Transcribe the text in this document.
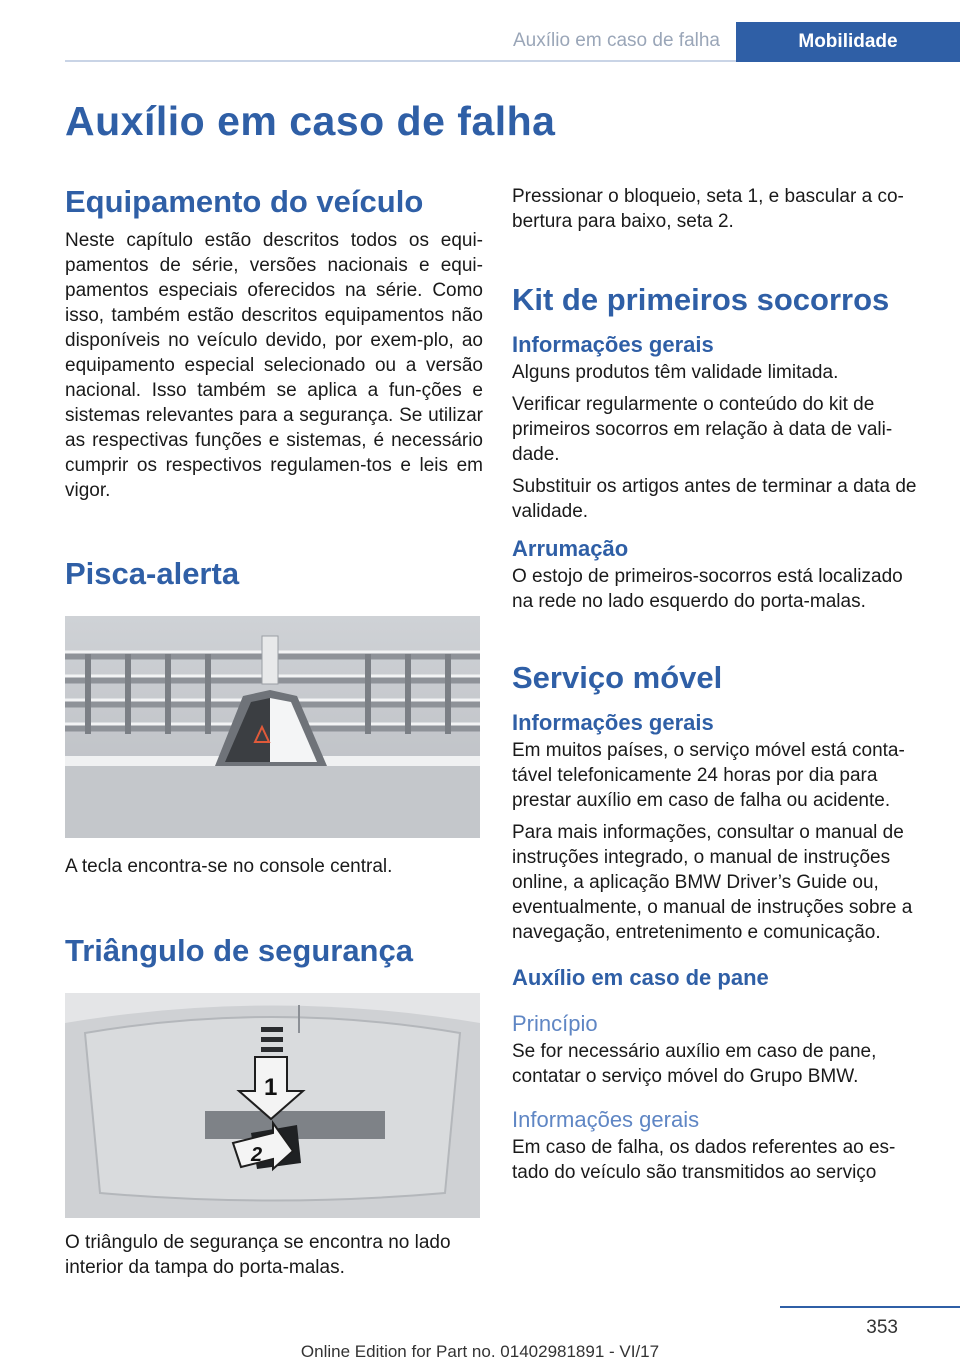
Auxílio em caso de falha	Mobilidade
Auxílio em caso de falha
Equipamento do veículo

Neste capítulo estão descritos todos os equi-pamentos de série, versões nacionais e equi-pamentos especiais oferecidos na série. Como isso, também estão descritos equipamentos não disponíveis no veículo devido, por exem-plo, ao equipamento especial selecionado ou a versão nacional. Isso também se aplica a fun-ções e sistemas relevantes para a segurança. Se utilizar as respectivas funções e sistemas, é necessário cumprir os respectivos regulamen-tos e leis em vigor.

Pisca-alerta

A tecla encontra-se no console central.

Triângulo de segurança
1
2

O triângulo de segurança se encontra no lado interior da tampa do porta-malas.

Pressionar o bloqueio, seta 1, e bascular a co-bertura para baixo, seta 2.

Kit de primeiros socorros
Informações gerais

Alguns produtos têm validade limitada.

Verificar regularmente o conteúdo do kit de primeiros socorros em relação à data de vali-dade.

Substituir os artigos antes de terminar a data de validade.

Arrumação

O estojo de primeiros-socorros está localizado na rede no lado esquerdo do porta-malas.

Serviço móvel
Informações gerais

Em muitos países, o serviço móvel está conta-tável telefonicamente 24 horas por dia para prestar auxílio em caso de falha ou acidente.

Para mais informações, consultar o manual de instruções integrado, o manual de instruções online, a aplicação BMW Driver’s Guide ou, eventualmente, o manual de instruções sobre a navegação, entretenimento e comunicação.

Auxílio em caso de pane
Princípio

Se for necessário auxílio em caso de pane, contatar o serviço móvel do Grupo BMW.

Informações gerais

Em caso de falha, os dados referentes ao es-tado do veículo são transmitidos ao serviço

353
Online Edition for Part no. 01402981891 - VI/17
